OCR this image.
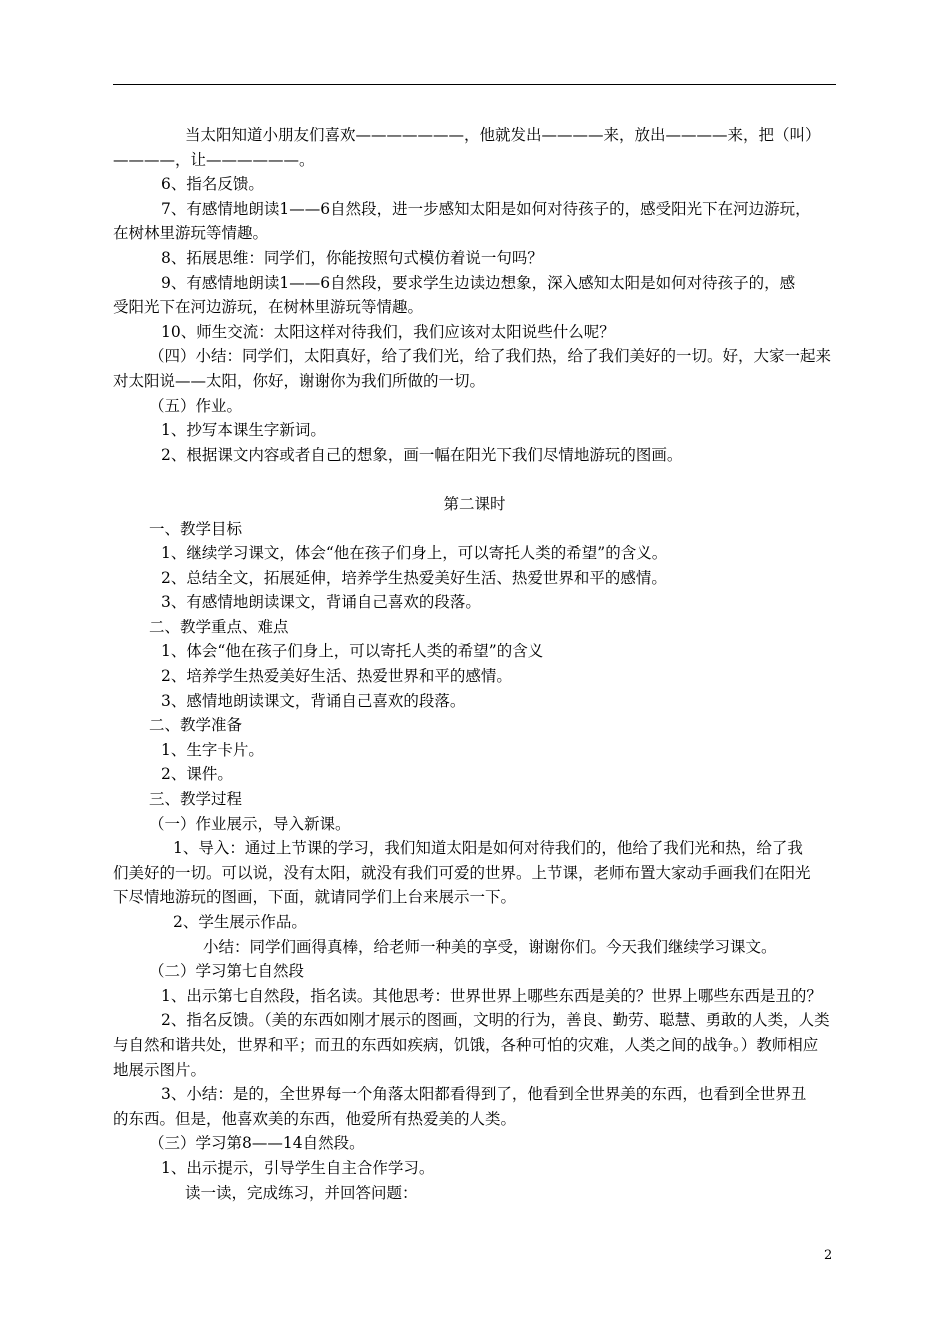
当太阳知道小朋友们喜欢———————，他就发出————来，放出————来，把（叫）
————，让——————。
6、指名反馈。
7、有感情地朗读1——6自然段，进一步感知太阳是如何对待孩子的，感受阳光下在河边游玩，
在树林里游玩等情趣。
8、拓展思维：同学们，你能按照句式模仿着说一句吗？
9、有感情地朗读1——6自然段，要求学生边读边想象，深入感知太阳是如何对待孩子的，感
受阳光下在河边游玩，在树林里游玩等情趣。
10、师生交流：太阳这样对待我们，我们应该对太阳说些什么呢？
（四）小结：同学们，太阳真好，给了我们光，给了我们热，给了我们美好的一切。好，大家一起来
对太阳说——太阳，你好，谢谢你为我们所做的一切。
（五）作业。
1、抄写本课生字新词。
2、根据课文内容或者自己的想象，画一幅在阳光下我们尽情地游玩的图画。
第二课时
一、教学目标
1、继续学习课文，体会“他在孩子们身上，可以寄托人类的希望”的含义。
2、总结全文，拓展延伸，培养学生热爱美好生活、热爱世界和平的感情。
3、有感情地朗读课文，背诵自己喜欢的段落。
二、教学重点、难点
1、体会“他在孩子们身上，可以寄托人类的希望”的含义
2、培养学生热爱美好生活、热爱世界和平的感情。
3、感情地朗读课文，背诵自己喜欢的段落。
二、教学准备
1、生字卡片。
2、课件。
三、教学过程
（一）作业展示，导入新课。
1、导入：通过上节课的学习，我们知道太阳是如何对待我们的，他给了我们光和热，给了我
们美好的一切。可以说，没有太阳，就没有我们可爱的世界。上节课，老师布置大家动手画我们在阳光
下尽情地游玩的图画，下面，就请同学们上台来展示一下。
2、学生展示作品。
小结：同学们画得真棒，给老师一种美的享受，谢谢你们。今天我们继续学习课文。
（二）学习第七自然段
1、出示第七自然段，指名读。其他思考：世界世界上哪些东西是美的？世界上哪些东西是丑的？
2、指名反馈。（美的东西如刚才展示的图画，文明的行为，善良、勤劳、聪慧、勇敢的人类，人类
与自然和谐共处，世界和平；而丑的东西如疾病，饥饿，各种可怕的灾难，人类之间的战争。）教师相应
地展示图片。
3、小结：是的，全世界每一个角落太阳都看得到了，他看到全世界美的东西，也看到全世界丑
的东西。但是，他喜欢美的东西，他爱所有热爱美的人类。
（三）学习第8——14自然段。
1、出示提示，引导学生自主合作学习。
读一读，完成练习，并回答问题：
2
